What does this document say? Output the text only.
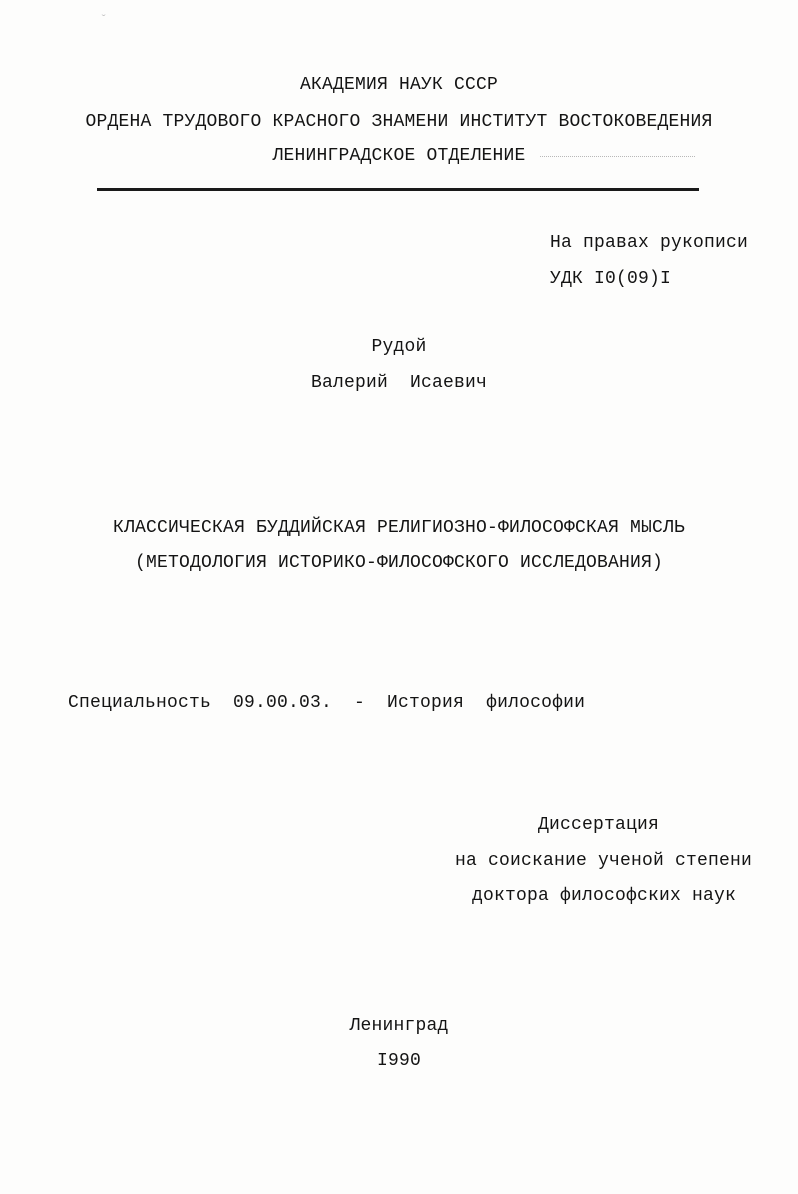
ˇ
АКАДЕМИЯ НАУК СССР
ОРДЕНА ТРУДОВОГО КРАСНОГО ЗНАМЕНИ ИНСТИТУТ ВОСТОКОВЕДЕНИЯ
ЛЕНИНГРАДСКОЕ ОТДЕЛЕНИЕ
На правах рукописи
УДК I0(09)I
Рудой
Валерий  Исаевич
КЛАССИЧЕСКАЯ БУДДИЙСКАЯ РЕЛИГИОЗНО-ФИЛОСОФСКАЯ МЫСЛЬ
(МЕТОДОЛОГИЯ ИСТОРИКО-ФИЛОСОФСКОГО ИССЛЕДОВАНИЯ)
Специальность  09.00.03.  -  История  философии
Диссертация
на соискание ученой степени
доктора философских наук
Ленинград
I990
